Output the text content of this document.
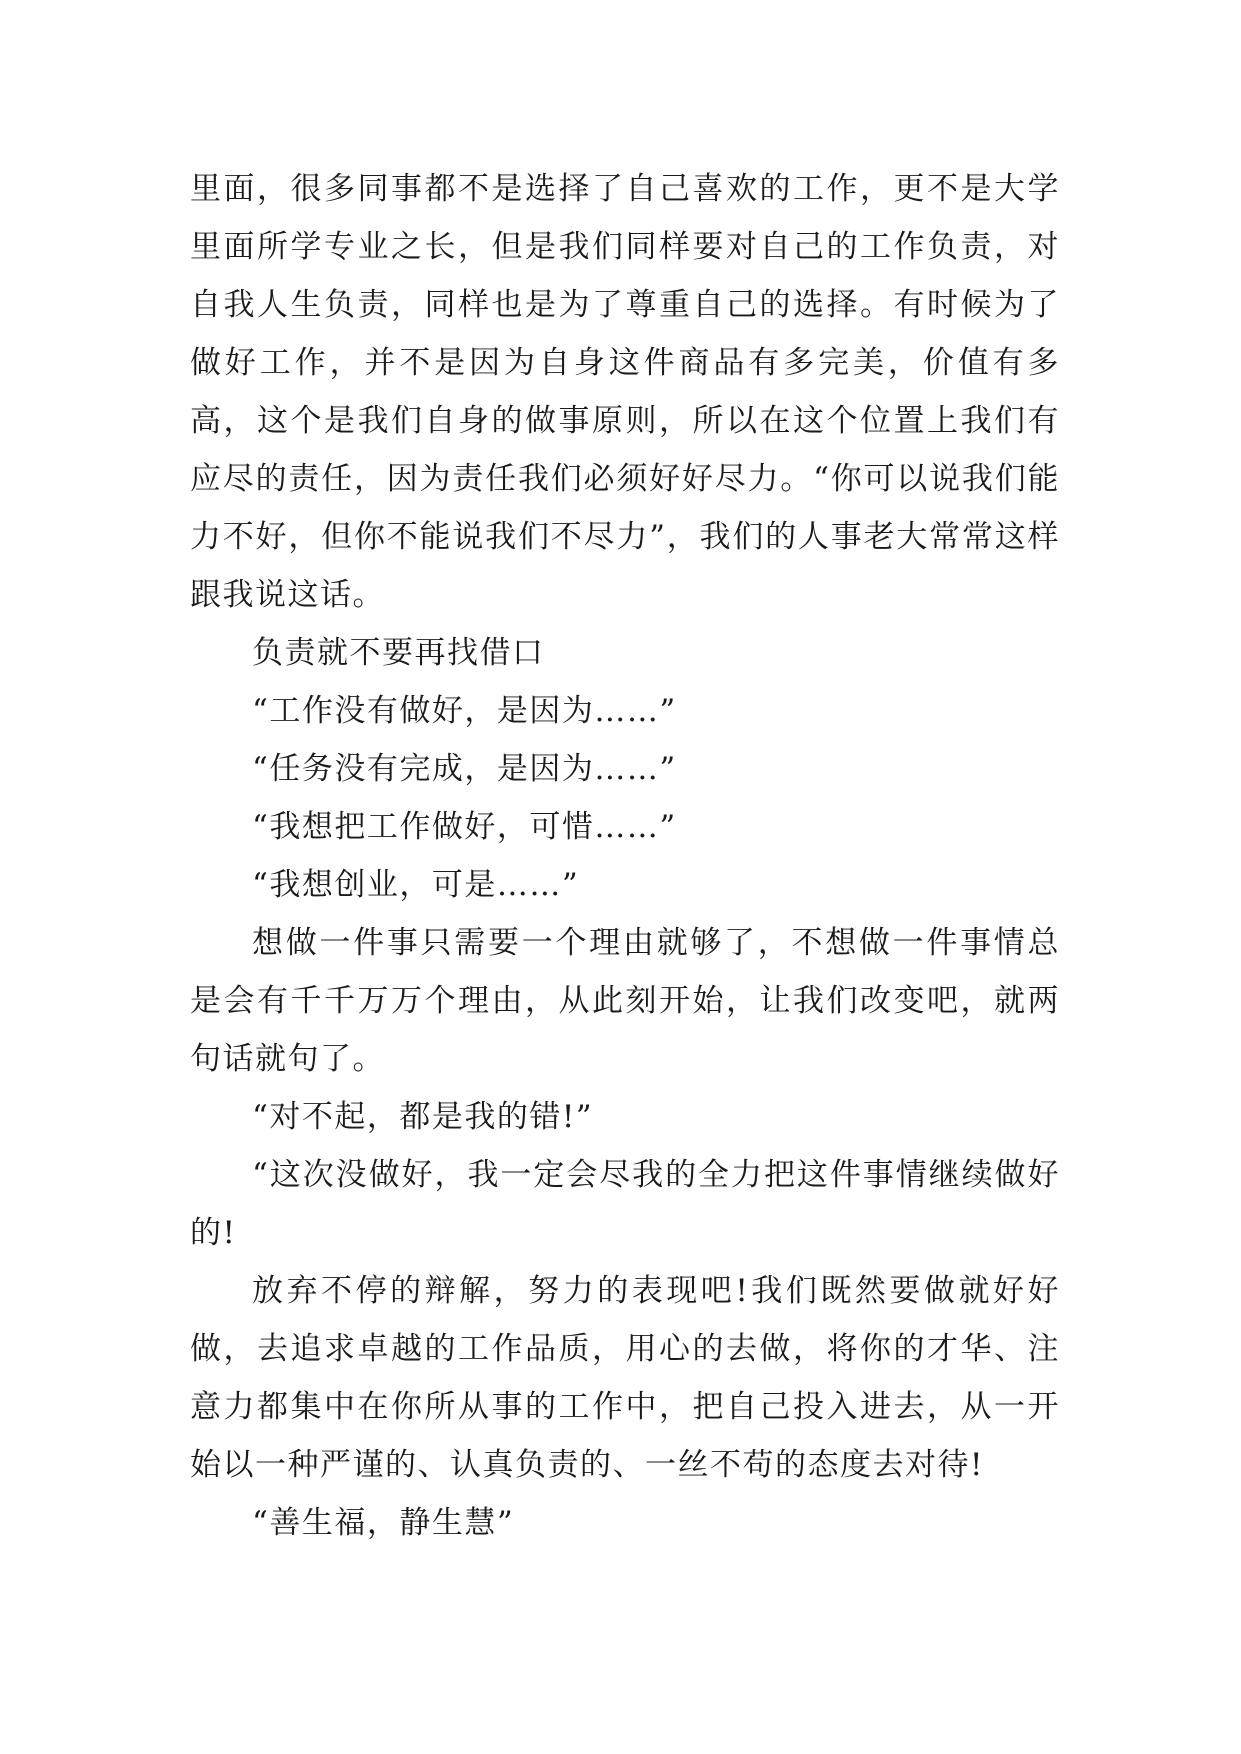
里面，很多同事都不是选择了自己喜欢的工作，更不是大学里面所学专业之长，但是我们同样要对自己的工作负责，对自我人生负责，同样也是为了尊重自己的选择。有时候为了做好工作，并不是因为自身这件商品有多完美，价值有多高，这个是我们自身的做事原则，所以在这个位置上我们有应尽的责任，因为责任我们必须好好尽力。“你可以说我们能力不好，但你不能说我们不尽力”，我们的人事老大常常这样跟我说这话。

负责就不要再找借口

“工作没有做好，是因为……”

“任务没有完成，是因为……”

“我想把工作做好，可惜……”

“我想创业，可是……”

想做一件事只需要一个理由就够了，不想做一件事情总是会有千千万万个理由，从此刻开始，让我们改变吧，就两句话就句了。

“对不起，都是我的错!”

“这次没做好，我一定会尽我的全力把这件事情继续做好的!

放弃不停的辩解，努力的表现吧!我们既然要做就好好做，去追求卓越的工作品质，用心的去做，将你的才华、注意力都集中在你所从事的工作中，把自己投入进去，从一开始以一种严谨的、认真负责的、一丝不苟的态度去对待!

“善生福，静生慧”
